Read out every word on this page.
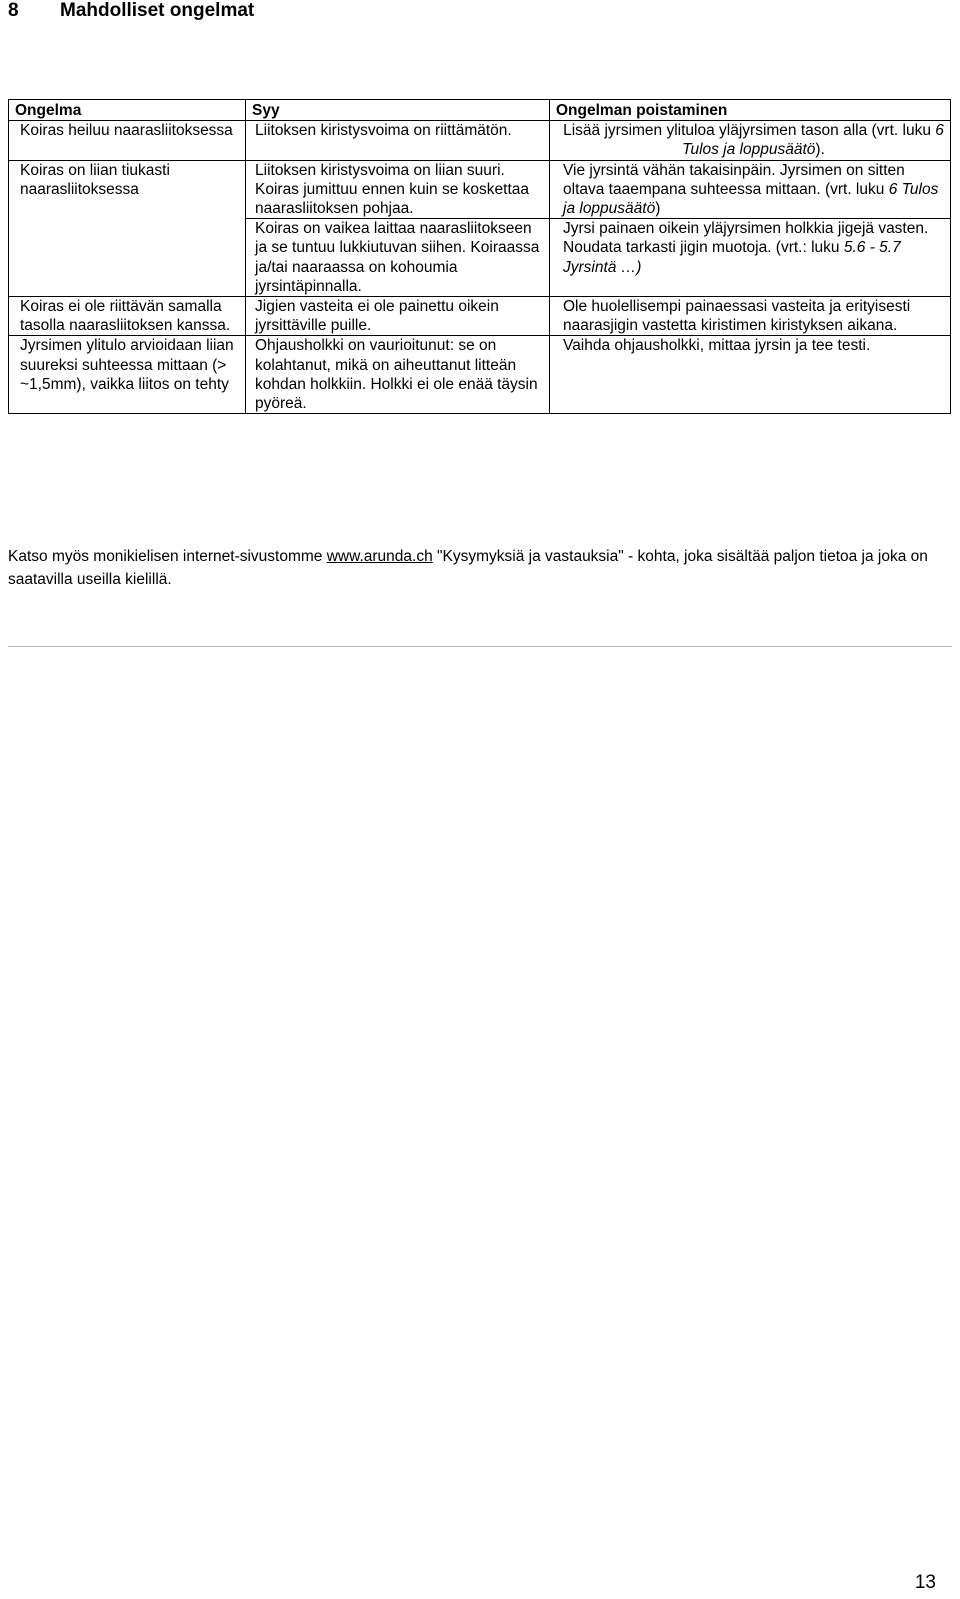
8 Mahdolliset ongelmat
Ongelma	Syy	Ongelman poistaminen
Koiras heiluu naarasliitoksessa	Liitoksen kiristysvoima on riittämätön.	Lisää jyrsimen ylituloa yläjyrsimen tason alla (vrt. luku 6 Tulos ja loppusäätö).
Koiras on liian tiukasti naarasliitoksessa	Liitoksen kiristysvoima on liian suuri. Koiras jumittuu ennen kuin se koskettaa naarasliitoksen pohjaa.	Vie jyrsintä vähän takaisinpäin. Jyrsimen on sitten oltava taaempana suhteessa mittaan. (vrt. luku 6 Tulos ja loppusäätö)
	Koiras on vaikea laittaa naarasliitokseen ja se tuntuu lukkiutuvan siihen. Koiraassa ja/tai naaraassa on kohoumia jyrsintäpinnalla.	Jyrsi painaen oikein yläjyrsimen holkkia jigejä vasten. Noudata tarkasti jigin muotoja. (vrt.: luku 5.6 - 5.7 Jyrsintä …)
Koiras ei ole riittävän samalla tasolla naarasliitoksen kanssa.	Jigien vasteita ei ole painettu oikein jyrsittäville puille.	Ole huolellisempi painaessasi vasteita ja erityisesti naarasjigin vastetta kiristimen kiristyksen aikana.
Jyrsimen ylitulo arvioidaan liian suureksi suhteessa mittaan (> ~1,5mm), vaikka liitos on tehty	Ohjausholkki on vaurioitunut: se on kolahtanut, mikä on aiheuttanut litteän kohdan holkkiin. Holkki ei ole enää täysin pyöreä.	Vaihda ohjausholkki, mittaa jyrsin ja tee testi.
Katso myös monikielisen internet-sivustomme www.arunda.ch "Kysymyksiä ja vastauksia" - kohta, joka sisältää paljon tietoa ja joka on saatavilla useilla kielillä.
13
